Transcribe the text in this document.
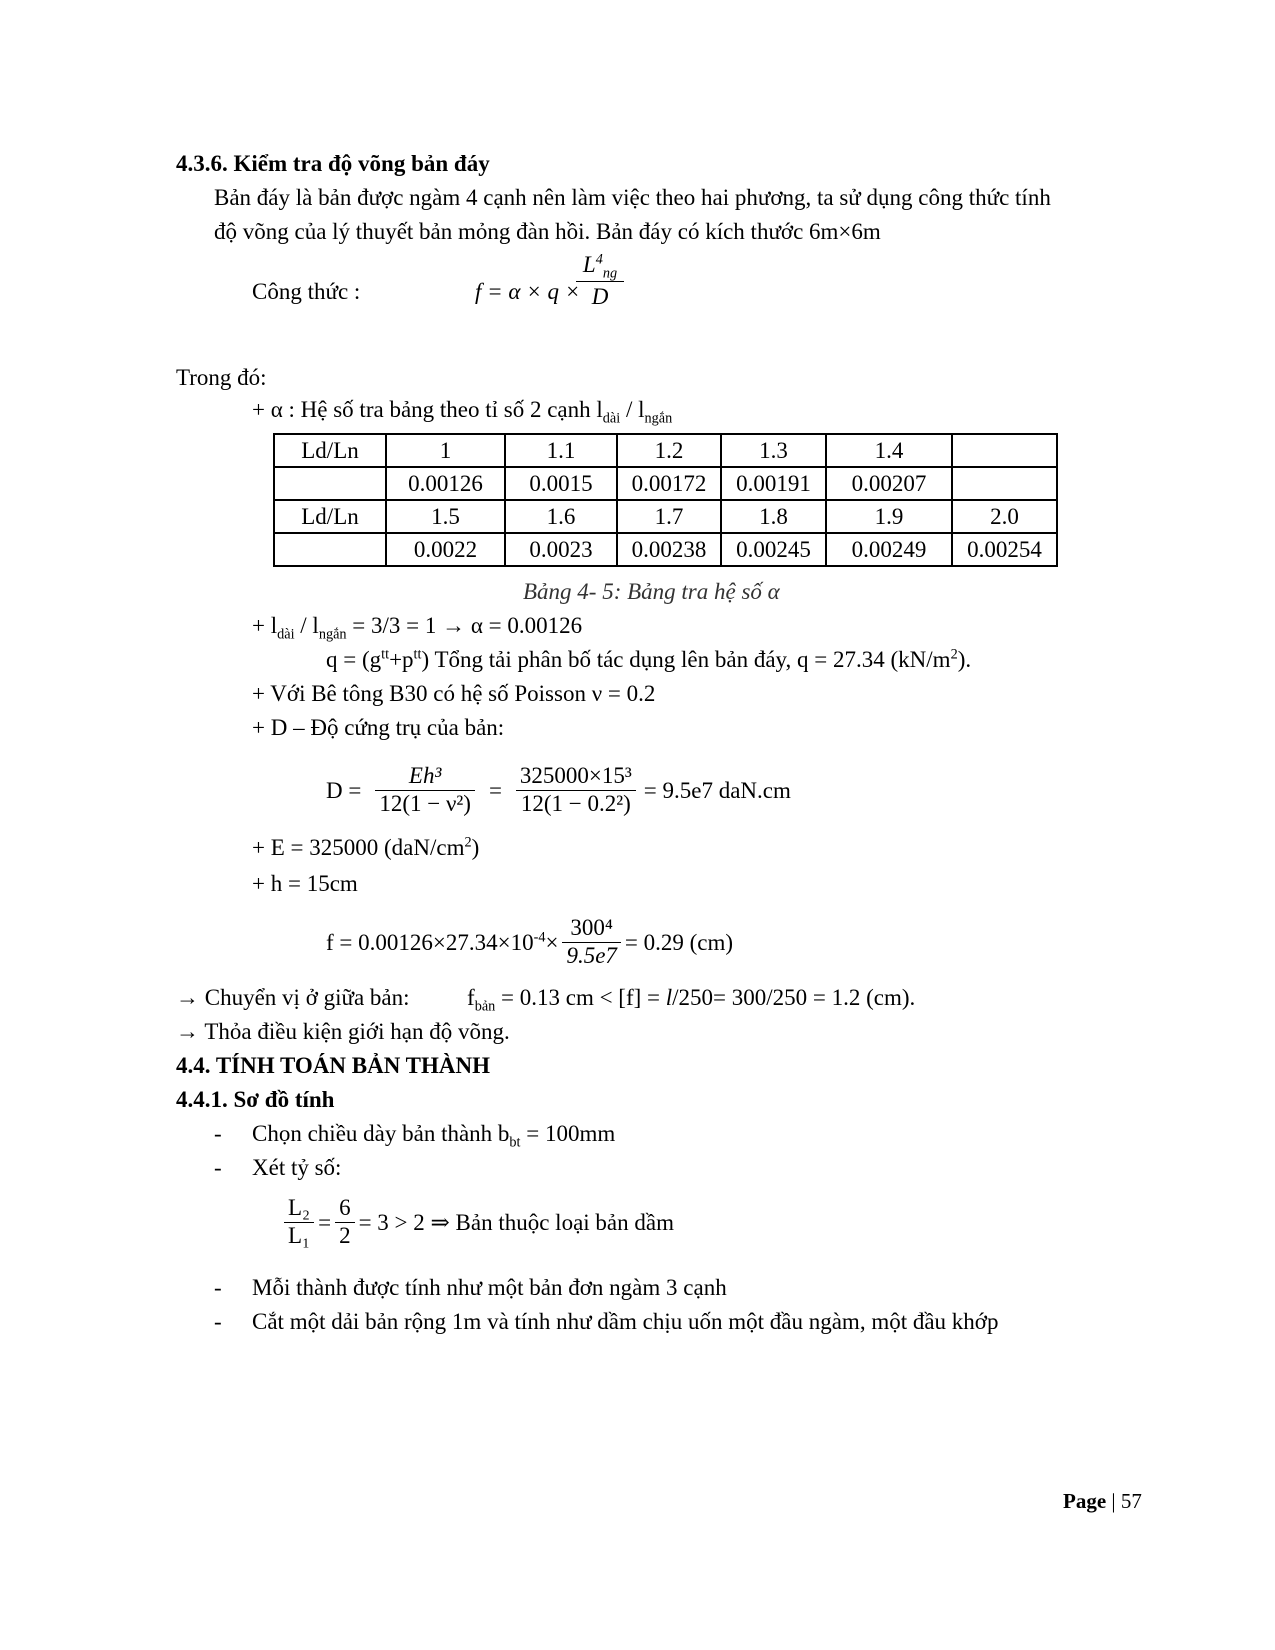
4.3.6. Kiểm tra độ võng bản đáy
Bản đáy là bản được ngàm 4 cạnh nên làm việc theo hai phương, ta sử dụng công thức tính
độ võng của lý thuyết bản mỏng đàn hồi. Bản đáy có kích thước 6m×6m
Công thức :	f = α × q ×
$\frac{L^4_{ng}}{D}$
Trong đó:
+ α : Hệ số tra bảng theo tỉ số 2 cạnh $l_{dài} / l_{ngắn}$
Ld/Ln	1	1.1	1.2	1.3	1.4	
	0.00126	0.0015	0.00172	0.00191	0.00207	
Ld/Ln	1.5	1.6	1.7	1.8	1.9	2.0
	0.0022	0.0023	0.00238	0.00245	0.00249	0.00254
Bảng 4- 5: Bảng tra hệ số α
+ $l_{dài} / l_{ngắn} = 3/3 = 1 \to \alpha = 0.00126$
$q = (g^{tt}+p^{tt})$ Tổng tải phân bố tác dụng lên bản đáy, q = 27.34 $(kN/m^2)$.
+ Với Bê tông B30 có hệ số Poisson ν = 0.2
+ D – Độ cứng trụ của bản:
$D = \frac{\text{Eh³}}{\text{12(1 − ν²)}} = \frac{\text{325000×15³}}{\text{12(1 − 0.2²)}} = 9.5e7$ daN.cm
+ E = 325000 $(daN/cm^2)$
+ h = 15cm
$f = 0.00126\times 27.34\times 10^{-4}\times \frac{\text{300⁴}}{9.5e7} = 0.29$ (cm)
→ Chuyển vị ở giữa bản:	$f_{bản} = 0.13$ cm < [f] = l/250= 300/250 = 1.2 (cm).
→ Thỏa điều kiện giới hạn độ võng.
4.4. TÍNH TOÁN BẢN THÀNH
4.4.1. Sơ đồ tính
- Chọn chiều dày bản thành $b_{bt} = 100mm$
- Xét tỷ số:
$\frac{\text{L₂}}{\text{L₁}} = \frac{6}{2} = 3 > 2$ ⇒ Bản thuộc loại bản dầm
- Mỗi thành được tính như một bản đơn ngàm 3 cạnh
- Cắt một dải bản rộng 1m và tính như dầm chịu uốn một đầu ngàm, một đầu khớp
Page | 57
